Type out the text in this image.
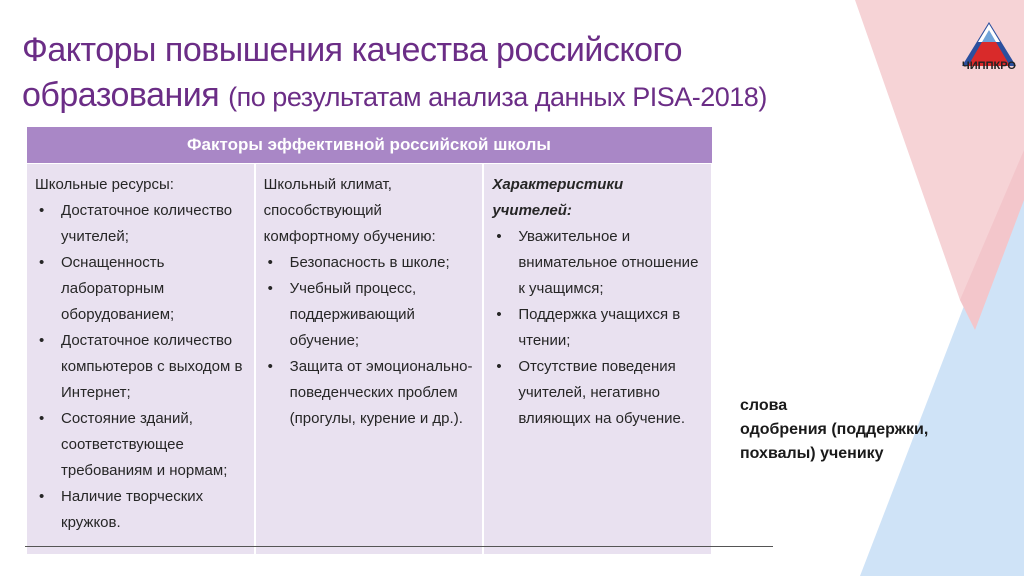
ЧИППКРО
Факторы повышения качества российского образования (по результатам анализа данных PISA-2018)
Факторы эффективной российской школы

Школьные ресурсы:
• Достаточное количество учителей;
• Оснащенность лабораторным оборудованием;
• Достаточное количество компьютеров с выходом в Интернет;
• Состояние зданий, соответствующее требованиям и нормам;
• Наличие творческих кружков.

Школьный климат, способствующий комфортному обучению:
• Безопасность в школе;
• Учебный процесс, поддерживающий обучение;
• Защита от эмоционально-поведенческих проблем (прогулы, курение и др.).

Характеристики учителей:
• Уважительное и внимательное отношение к учащимся;
• Поддержка учащихся в чтении;
• Отсутствие поведения учителей, негативно влияющих на обучение.
слова
одобрения (поддержки,
похвалы) ученику
